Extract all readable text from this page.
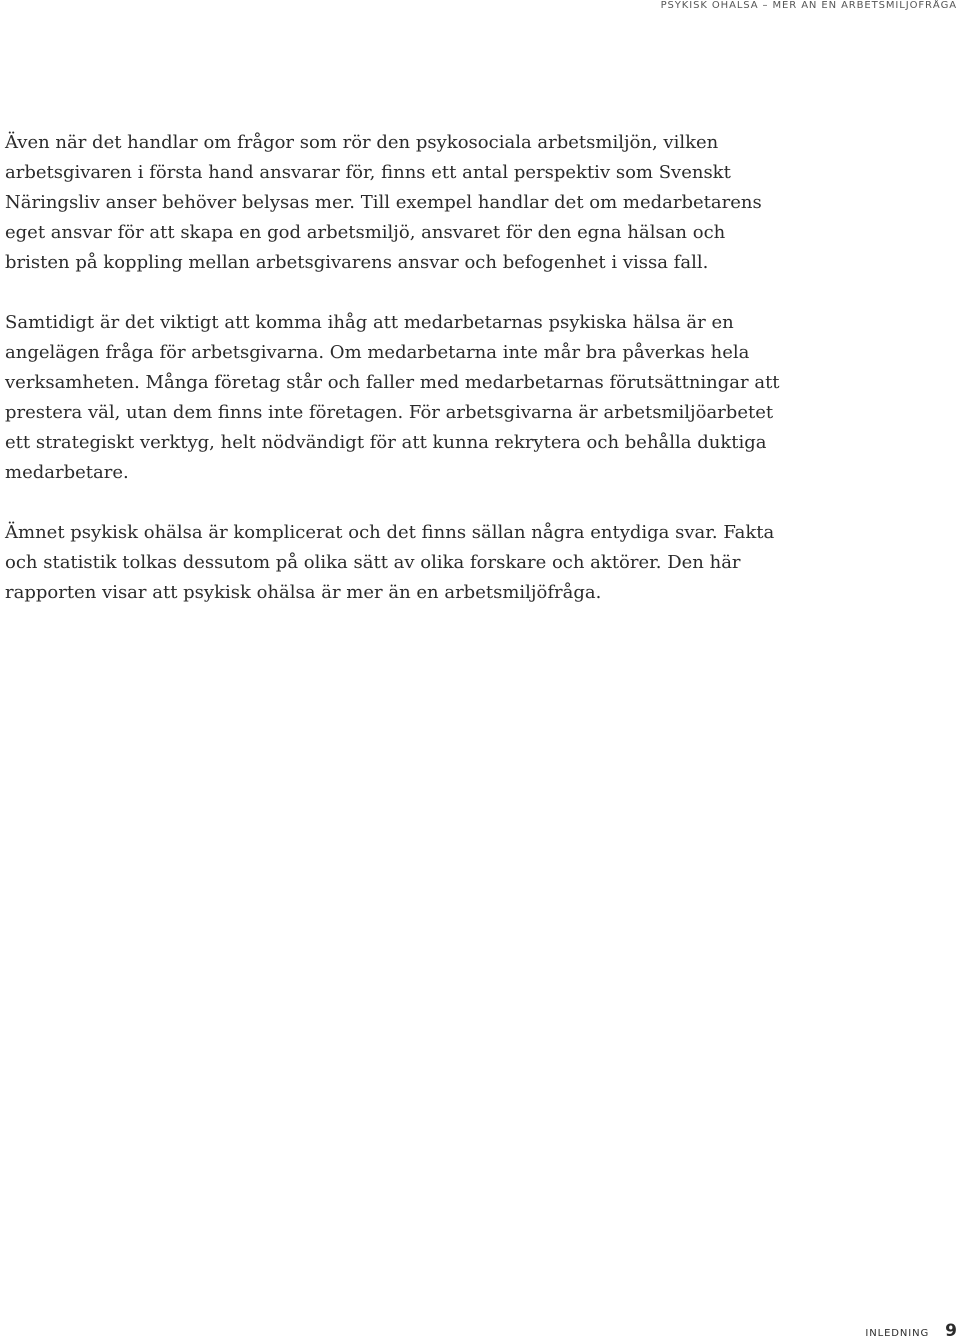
PSYKISK OHÄLSA – MER ÄN EN ARBETSMILJÖFRÅGA

Även när det handlar om frågor som rör den psykosociala arbetsmiljön, vilken arbetsgivaren i första hand ansvarar för, finns ett antal perspektiv som Svenskt Näringsliv anser behöver belysas mer. Till exempel handlar det om medarbetarens eget ansvar för att skapa en god arbetsmiljö, ansvaret för den egna hälsan och bristen på koppling mellan arbetsgivarens ansvar och befogenhet i vissa fall.

Samtidigt är det viktigt att komma ihåg att medarbetarnas psykiska hälsa är en angelägen fråga för arbetsgivarna. Om medarbetarna inte mår bra påverkas hela verksamheten. Många företag står och faller med medarbetarnas förutsättningar att prestera väl, utan dem finns inte företagen. För arbetsgivarna är arbetsmiljöarbetet ett strategiskt verktyg, helt nödvändigt för att kunna rekrytera och behålla duktiga medarbetare.

Ämnet psykisk ohälsa är komplicerat och det finns sällan några entydiga svar. Fakta och statistik tolkas dessutom på olika sätt av olika forskare och aktörer. Den här rapporten visar att psykisk ohälsa är mer än en arbetsmiljöfråga.

INLEDNING 9
